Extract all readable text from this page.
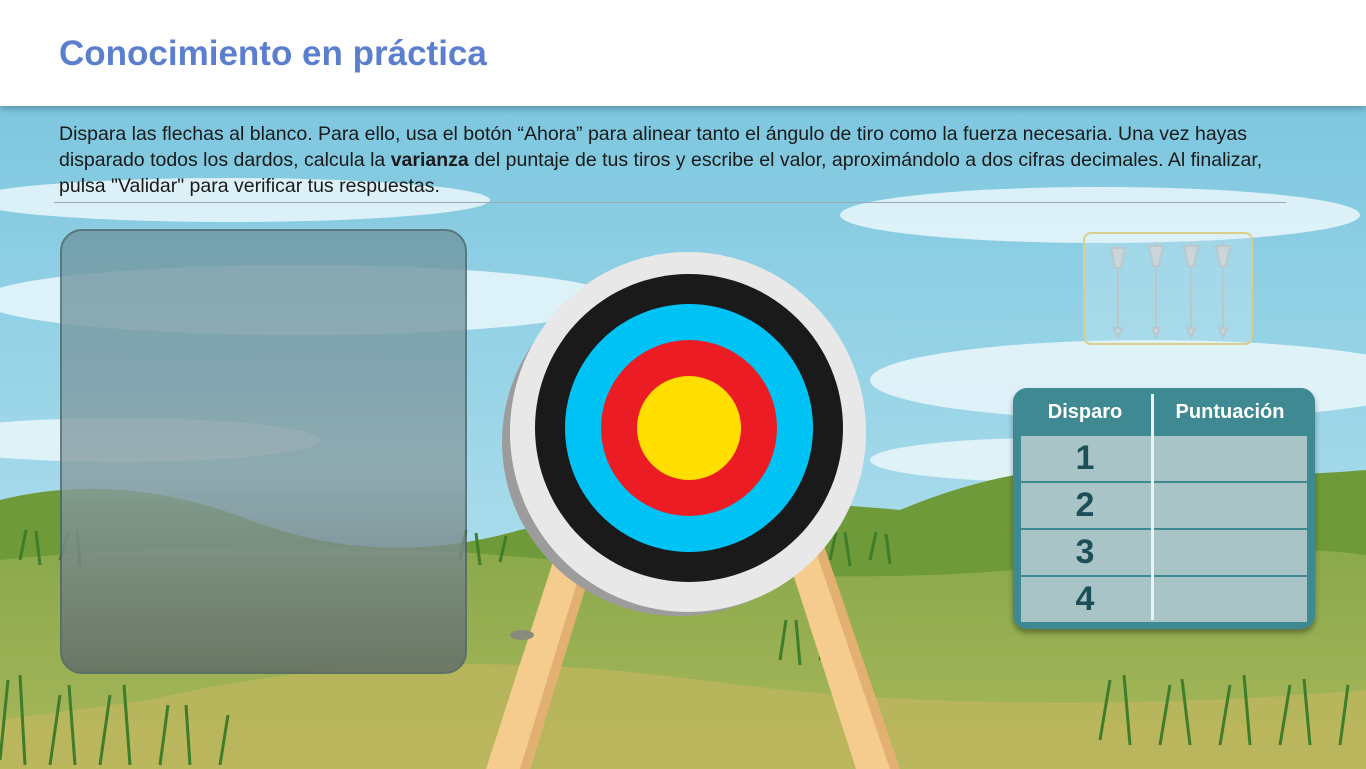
Conocimiento en práctica
Dispara las flechas al blanco. Para ello, usa el botón “Ahora” para alinear tanto el ángulo de tiro como la fuerza necesaria. Una vez hayas disparado todos los dardos, calcula la varianza del puntaje de tus tiros y escribe el valor, aproximándolo a dos cifras decimales. Al finalizar, pulsa "Validar" para verificar tus respuestas.
Disparo	Puntuación
1
2
3
4
